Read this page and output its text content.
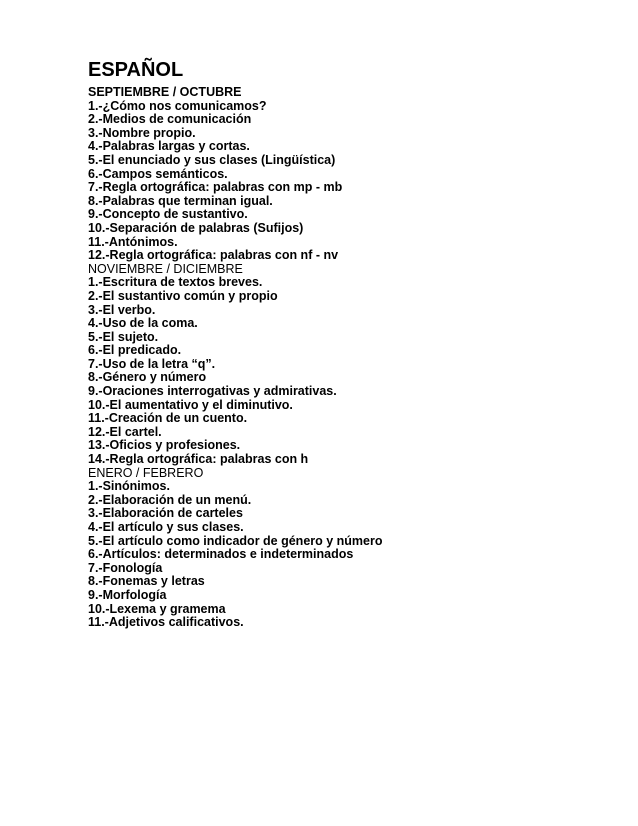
ESPAÑOL
SEPTIEMBRE / OCTUBRE
1.-¿Cómo nos comunicamos?
2.-Medios de comunicación
3.-Nombre propio.
4.-Palabras largas y cortas.
5.-El enunciado y sus clases (Lingüística)
6.-Campos semánticos.
7.-Regla ortográfica: palabras con mp - mb
8.-Palabras que terminan igual.
9.-Concepto de sustantivo.
10.-Separación de palabras (Sufijos)
11.-Antónimos.
12.-Regla ortográfica: palabras con nf - nv
NOVIEMBRE / DICIEMBRE
1.-Escritura de textos breves.
2.-El sustantivo común y propio
3.-El verbo.
4.-Uso de la coma.
5.-El sujeto.
6.-El predicado.
7.-Uso de la letra “q”.
8.-Género y número
9.-Oraciones interrogativas y admirativas.
10.-El aumentativo y el diminutivo.
11.-Creación de un cuento.
12.-El cartel.
13.-Oficios y profesiones.
14.-Regla ortográfica: palabras con h
ENERO / FEBRERO
1.-Sinónimos.
2.-Elaboración de un menú.
3.-Elaboración de carteles
4.-El artículo y sus clases.
5.-El artículo como indicador de género y número
6.-Artículos: determinados e indeterminados
7.-Fonología
8.-Fonemas y letras
9.-Morfología
10.-Lexema y gramema
11.-Adjetivos calificativos.
